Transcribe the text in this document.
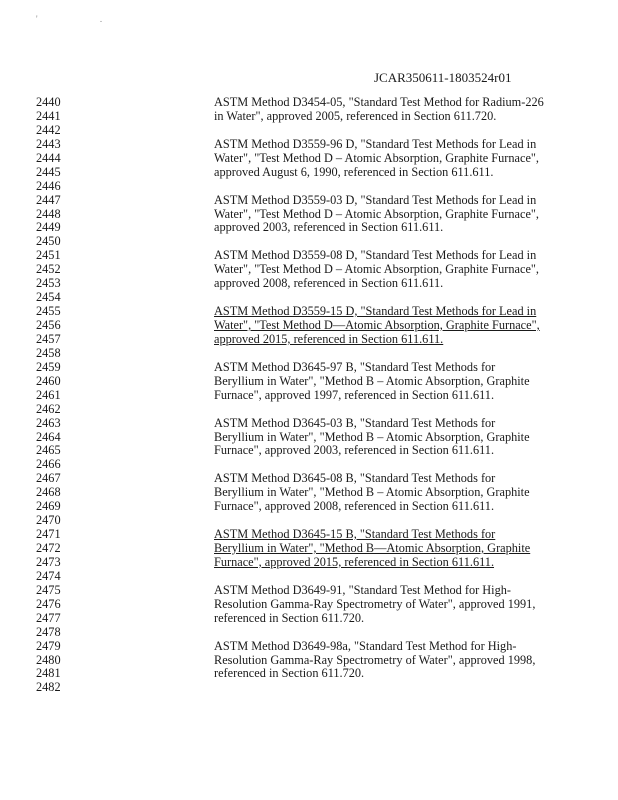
' .
JCAR350611-1803524r01
2440	ASTM Method D3454-05, "Standard Test Method for Radium-226
2441	in Water", approved 2005, referenced in Section 611.720.
2442
2443	ASTM Method D3559-96 D, "Standard Test Methods for Lead in
2444	Water", "Test Method D – Atomic Absorption, Graphite Furnace",
2445	approved August 6, 1990, referenced in Section 611.611.
2446
2447	ASTM Method D3559-03 D, "Standard Test Methods for Lead in
2448	Water", "Test Method D – Atomic Absorption, Graphite Furnace",
2449	approved 2003, referenced in Section 611.611.
2450
2451	ASTM Method D3559-08 D, "Standard Test Methods for Lead in
2452	Water", "Test Method D – Atomic Absorption, Graphite Furnace",
2453	approved 2008, referenced in Section 611.611.
2454
2455	ASTM Method D3559-15 D, "Standard Test Methods for Lead in
2456	Water", "Test Method D—Atomic Absorption, Graphite Furnace",
2457	approved 2015, referenced in Section 611.611.
2458
2459	ASTM Method D3645-97 B, "Standard Test Methods for
2460	Beryllium in Water", "Method B – Atomic Absorption, Graphite
2461	Furnace", approved 1997, referenced in Section 611.611.
2462
2463	ASTM Method D3645-03 B, "Standard Test Methods for
2464	Beryllium in Water", "Method B – Atomic Absorption, Graphite
2465	Furnace", approved 2003, referenced in Section 611.611.
2466
2467	ASTM Method D3645-08 B, "Standard Test Methods for
2468	Beryllium in Water", "Method B – Atomic Absorption, Graphite
2469	Furnace", approved 2008, referenced in Section 611.611.
2470
2471	ASTM Method D3645-15 B, "Standard Test Methods for
2472	Beryllium in Water", "Method B—Atomic Absorption, Graphite
2473	Furnace", approved 2015, referenced in Section 611.611.
2474
2475	ASTM Method D3649-91, "Standard Test Method for High-
2476	Resolution Gamma-Ray Spectrometry of Water", approved 1991,
2477	referenced in Section 611.720.
2478
2479	ASTM Method D3649-98a, "Standard Test Method for High-
2480	Resolution Gamma-Ray Spectrometry of Water", approved 1998,
2481	referenced in Section 611.720.
2482
